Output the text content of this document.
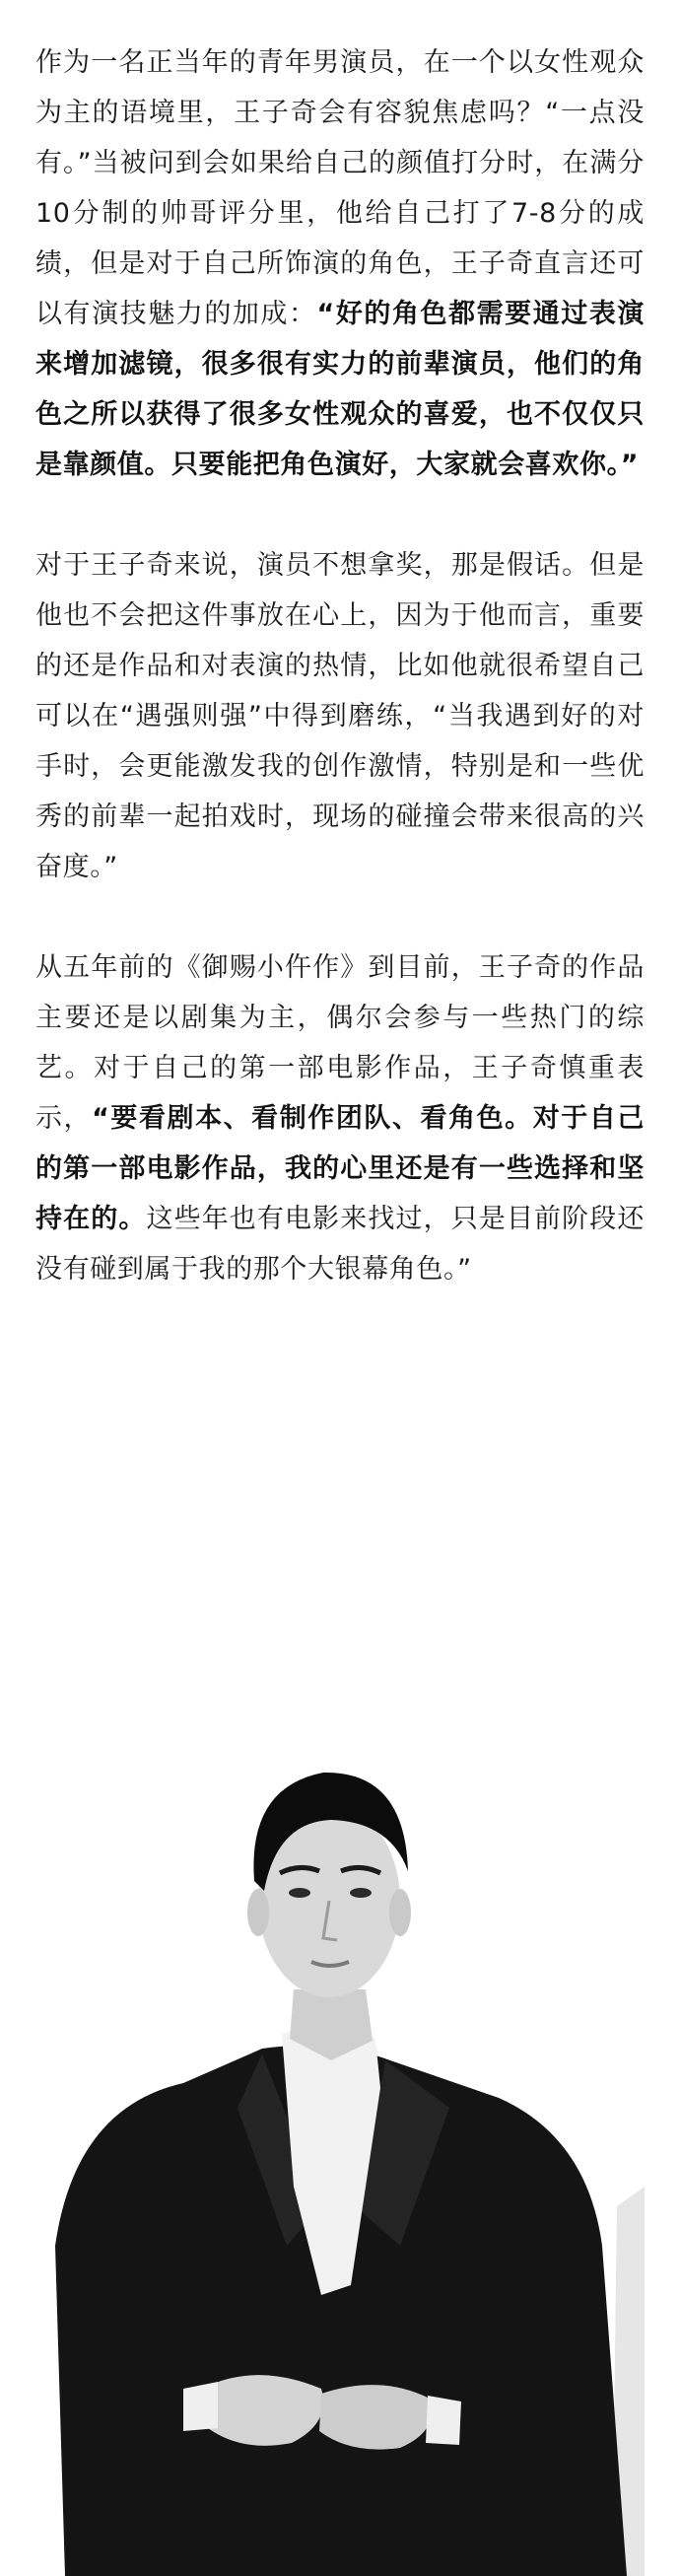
作为一名正当年的青年男演员，在一个以女性观众为主的语境里，王子奇会有容貌焦虑吗？“一点没有。”当被问到会如果给自己的颜值打分时，在满分10分制的帅哥评分里，他给自己打了7-8分的成绩，但是对于自己所饰演的角色，王子奇直言还可以有演技魅力的加成：“好的角色都需要通过表演来增加滤镜，很多很有实力的前辈演员，他们的角色之所以获得了很多女性观众的喜爱，也不仅仅只是靠颜值。只要能把角色演好，大家就会喜欢你。”

对于王子奇来说，演员不想拿奖，那是假话。但是他也不会把这件事放在心上，因为于他而言，重要的还是作品和对表演的热情，比如他就很希望自己可以在“遇强则强”中得到磨练，“当我遇到好的对手时，会更能激发我的创作激情，特别是和一些优秀的前辈一起拍戏时，现场的碰撞会带来很高的兴奋度。”

从五年前的《御赐小仵作》到目前，王子奇的作品主要还是以剧集为主，偶尔会参与一些热门的综艺。对于自己的第一部电影作品，王子奇慎重表示，“要看剧本、看制作团队、看角色。对于自己的第一部电影作品，我的心里还是有一些选择和坚持在的。这些年也有电影来找过，只是目前阶段还没有碰到属于我的那个大银幕角色。”
